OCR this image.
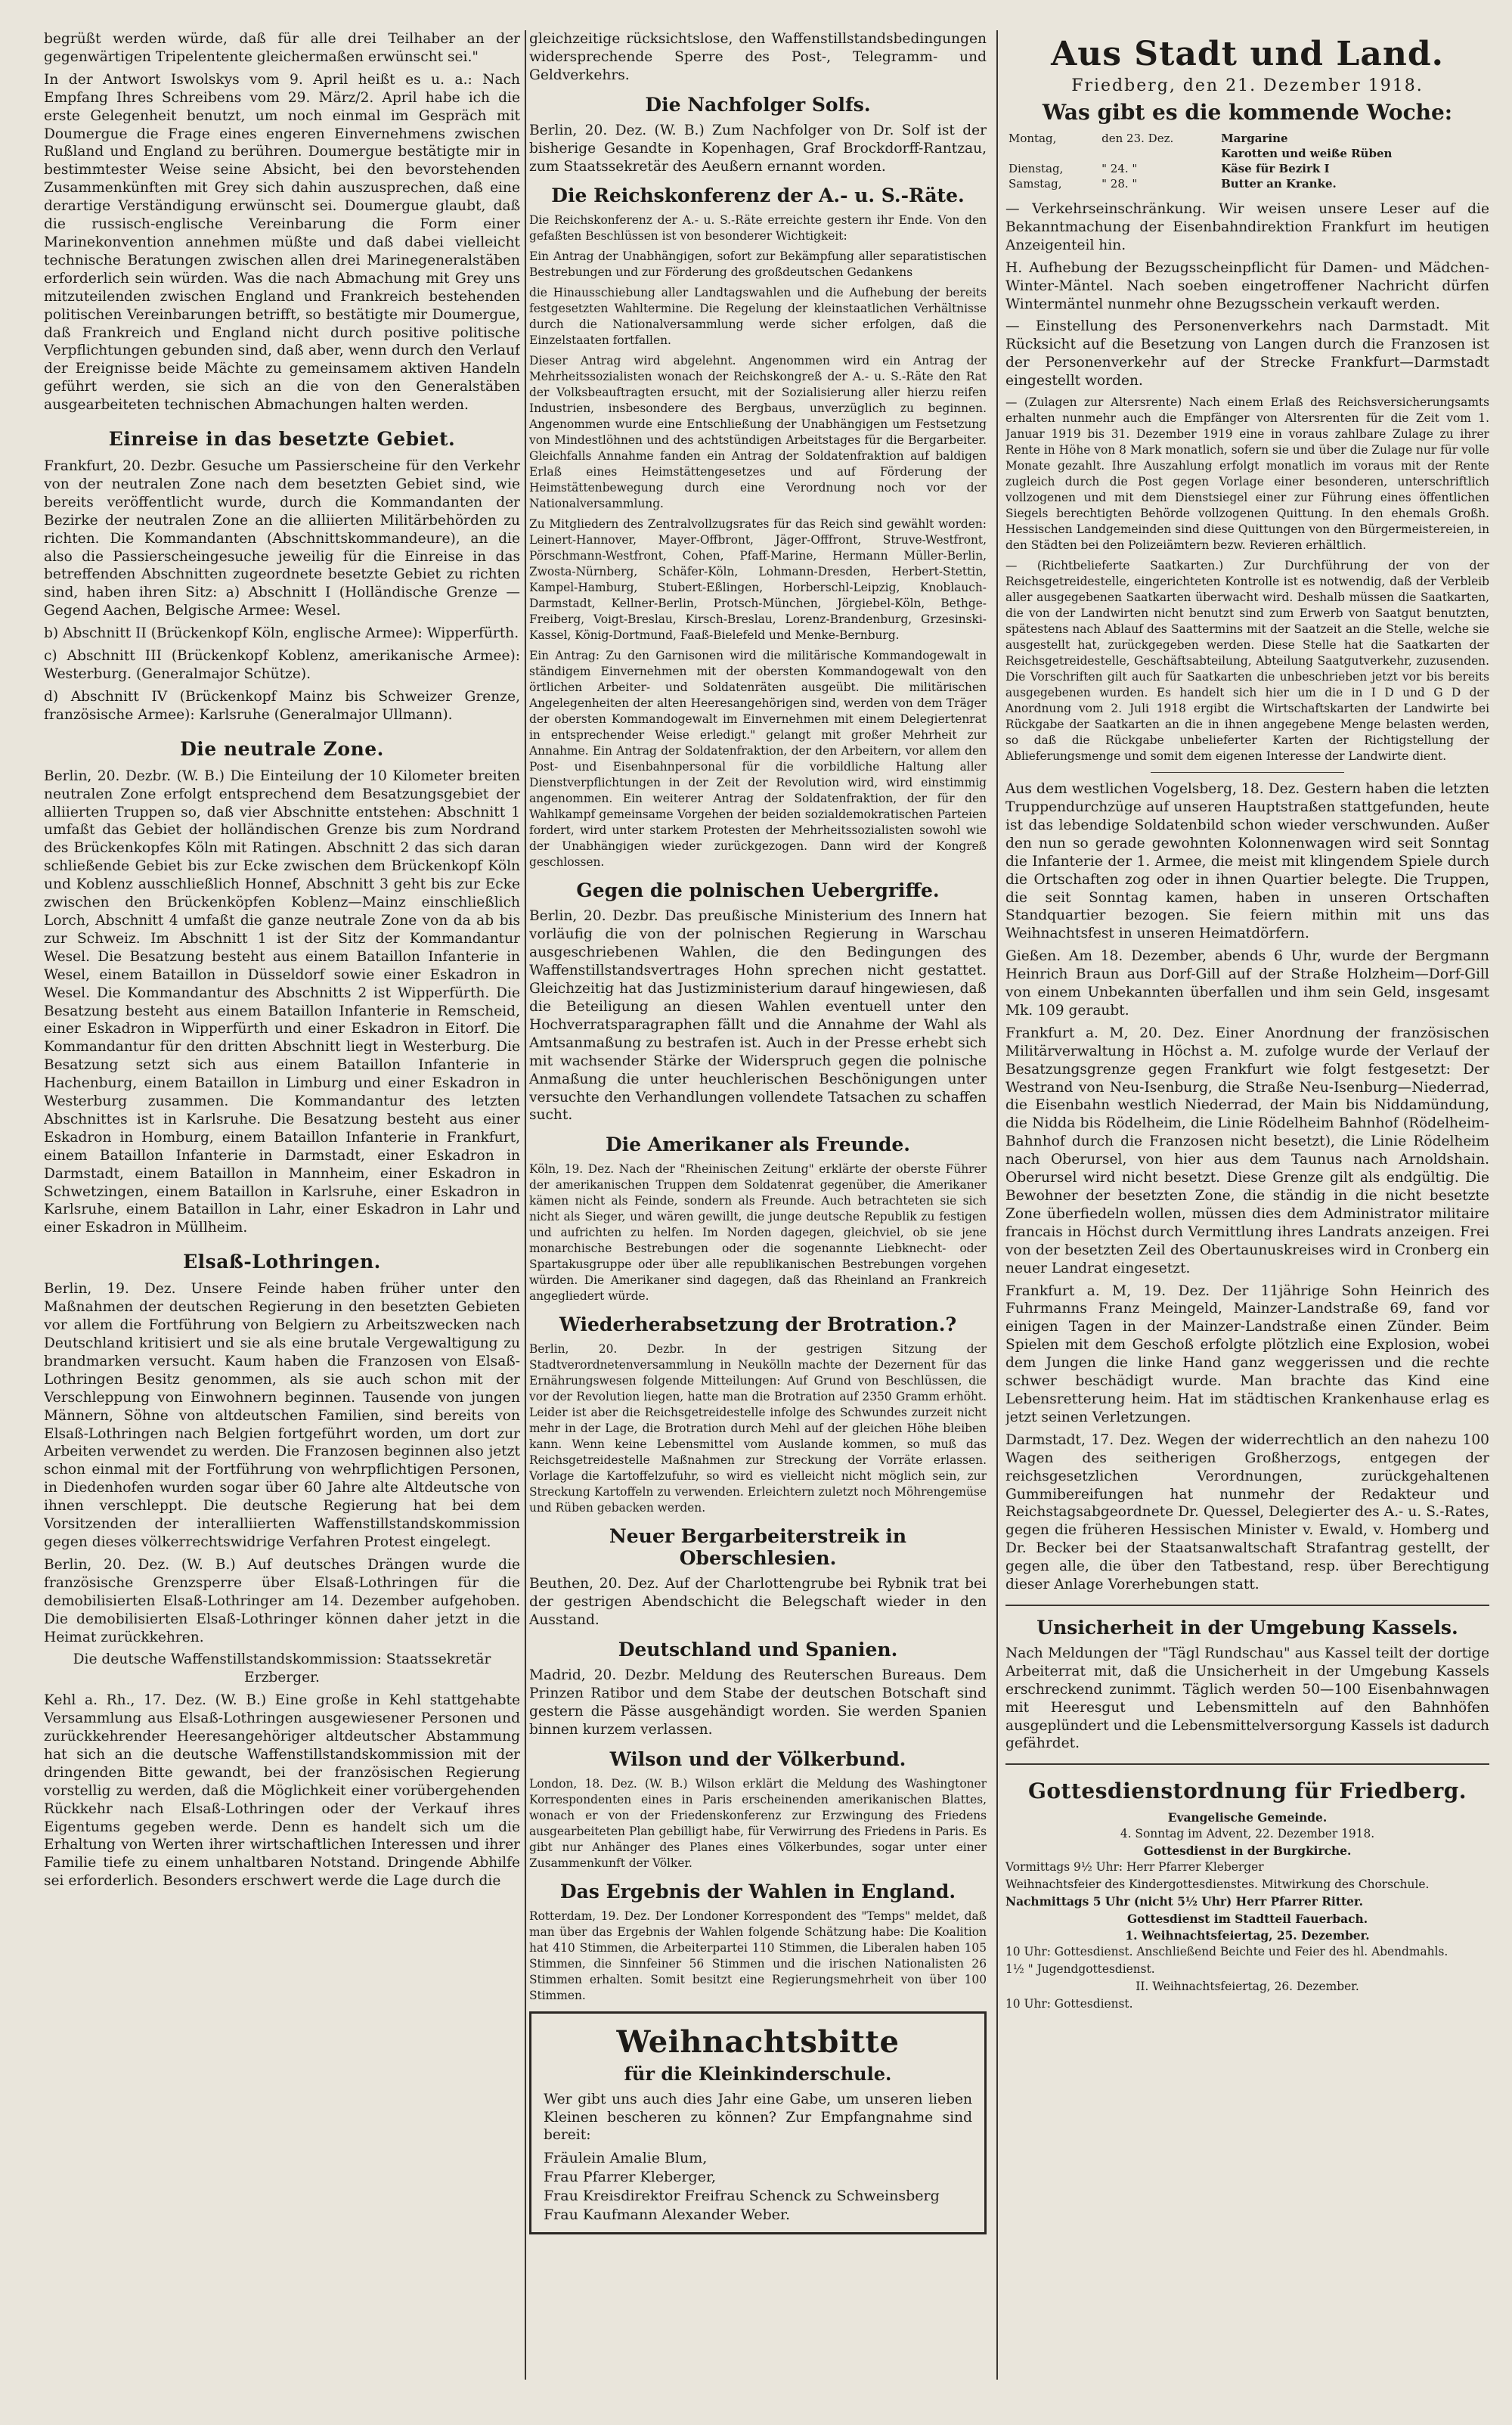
begrüßt werden würde, daß für alle drei Teilhaber an der gegenwärtigen Tripelentente gleichermaßen erwünscht sei."

In der Antwort Iswolskys vom 9. April heißt es u. a.: Nach Empfang Ihres Schreibens vom 29. März/2. April habe ich die erste Gelegenheit benutzt, um noch einmal im Gespräch mit Doumergue die Frage eines engeren Einvernehmens zwischen Rußland und England zu berühren. Doumergue bestätigte mir in bestimmtester Weise seine Absicht, bei den bevorstehenden Zusammenkünften mit Grey sich dahin auszusprechen, daß eine derartige Verständigung erwünscht sei. Doumergue glaubt, daß die russisch-englische Vereinbarung die Form einer Marinekonvention annehmen müßte und daß dabei vielleicht technische Beratungen zwischen allen drei Marinegeneralstäben erforderlich sein würden. Was die nach Abmachung mit Grey uns mitzuteilenden zwischen England und Frankreich bestehenden politischen Vereinbarungen betrifft, so bestätigte mir Doumergue, daß Frankreich und England nicht durch positive politische Verpflichtungen gebunden sind, daß aber, wenn durch den Verlauf der Ereignisse beide Mächte zu gemeinsamem aktiven Handeln geführt werden, sie sich an die von den Generalstäben ausgearbeiteten technischen Abmachungen halten werden.

Einreise in das besetzte Gebiet.

Frankfurt, 20. Dezbr. Gesuche um Passierscheine für den Verkehr von der neutralen Zone nach dem besetzten Gebiet sind, wie bereits veröffentlicht wurde, durch die Kommandanten der Bezirke der neutralen Zone an die alliierten Militärbehörden zu richten. Die Kommandanten (Abschnittskommandeure), an die also die Passierscheingesuche jeweilig für die Einreise in das betreffenden Abschnitten zugeordnete besetzte Gebiet zu richten sind, haben ihren Sitz: a) Abschnitt I (Holländische Grenze — Gegend Aachen, Belgische Armee: Wesel.

b) Abschnitt II (Brückenkopf Köln, englische Armee): Wipperfürth.

c) Abschnitt III (Brückenkopf Koblenz, amerikanische Armee): Westerburg. (Generalmajor Schütze).

d) Abschnitt IV (Brückenkopf Mainz bis Schweizer Grenze, französische Armee): Karlsruhe (Generalmajor Ullmann).

Die neutrale Zone.

Berlin, 20. Dezbr. (W. B.) Die Einteilung der 10 Kilometer breiten neutralen Zone erfolgt entsprechend dem Besatzungsgebiet der alliierten Truppen so, daß vier Abschnitte entstehen: Abschnitt 1 umfaßt das Gebiet der holländischen Grenze bis zum Nordrand des Brückenkopfes Köln mit Ratingen. Abschnitt 2 das sich daran schließende Gebiet bis zur Ecke zwischen dem Brückenkopf Köln und Koblenz ausschließlich Honnef, Abschnitt 3 geht bis zur Ecke zwischen den Brückenköpfen Koblenz—Mainz einschließlich Lorch, Abschnitt 4 umfaßt die ganze neutrale Zone von da ab bis zur Schweiz. Im Abschnitt 1 ist der Sitz der Kommandantur Wesel. Die Besatzung besteht aus einem Bataillon Infanterie in Wesel, einem Bataillon in Düsseldorf sowie einer Eskadron in Wesel. Die Kommandantur des Abschnitts 2 ist Wipperfürth. Die Besatzung besteht aus einem Bataillon Infanterie in Remscheid, einer Eskadron in Wipperfürth und einer Eskadron in Eitorf. Die Kommandantur für den dritten Abschnitt liegt in Westerburg. Die Besatzung setzt sich aus einem Bataillon Infanterie in Hachenburg, einem Bataillon in Limburg und einer Eskadron in Westerburg zusammen. Die Kommandantur des letzten Abschnittes ist in Karlsruhe. Die Besatzung besteht aus einer Eskadron in Homburg, einem Bataillon Infanterie in Frankfurt, einem Bataillon Infanterie in Darmstadt, einer Eskadron in Darmstadt, einem Bataillon in Mannheim, einer Eskadron in Schwetzingen, einem Bataillon in Karlsruhe, einer Eskadron in Karlsruhe, einem Bataillon in Lahr, einer Eskadron in Lahr und einer Eskadron in Müllheim.

Elsaß-Lothringen.

Berlin, 19. Dez. Unsere Feinde haben früher unter den Maßnahmen der deutschen Regierung in den besetzten Gebieten vor allem die Fortführung von Belgiern zu Arbeitszwecken nach Deutschland kritisiert und sie als eine brutale Vergewaltigung zu brandmarken versucht. Kaum haben die Franzosen von Elsaß-Lothringen Besitz genommen, als sie auch schon mit der Verschleppung von Einwohnern beginnen. Tausende von jungen Männern, Söhne von altdeutschen Familien, sind bereits von Elsaß-Lothringen nach Belgien fortgeführt worden, um dort zur Arbeiten verwendet zu werden. Die Franzosen beginnen also jetzt schon einmal mit der Fortführung von wehrpflichtigen Personen, in Diedenhofen wurden sogar über 60 Jahre alte Altdeutsche von ihnen verschleppt. Die deutsche Regierung hat bei dem Vorsitzenden der interalliierten Waffenstillstandskommission gegen dieses völkerrechtswidrige Verfahren Protest eingelegt.

Berlin, 20. Dez. (W. B.) Auf deutsches Drängen wurde die französische Grenzsperre über Elsaß-Lothringen für die demobilisierten Elsaß-Lothringer am 14. Dezember aufgehoben. Die demobilisierten Elsaß-Lothringer können daher jetzt in die Heimat zurückkehren.

Die deutsche Waffenstillstandskommission: Staatssekretär Erzberger.

Kehl a. Rh., 17. Dez. (W. B.) Eine große in Kehl stattgehabte Versammlung aus Elsaß-Lothringen ausgewiesener Personen und zurückkehrender Heeresangehöriger altdeutscher Abstammung hat sich an die deutsche Waffenstillstandskommission mit der dringenden Bitte gewandt, bei der französischen Regierung vorstellig zu werden, daß die Möglichkeit einer vorübergehenden Rückkehr nach Elsaß-Lothringen oder der Verkauf ihres Eigentums gegeben werde. Denn es handelt sich um die Erhaltung von Werten ihrer wirtschaftlichen Interessen und ihrer Familie tiefe zu einem unhaltbaren Notstand. Dringende Abhilfe sei erforderlich. Besonders erschwert werde die Lage durch die

gleichzeitige rücksichtslose, den Waffenstillstandsbedingungen widersprechende Sperre des Post-, Telegramm- und Geldverkehrs.

Die Nachfolger Solfs.

Berlin, 20. Dez. (W. B.) Zum Nachfolger von Dr. Solf ist der bisherige Gesandte in Kopenhagen, Graf Brockdorff-Rantzau, zum Staatssekretär des Aeußern ernannt worden.

Die Reichskonferenz der A.- u. S.-Räte.

Die Reichskonferenz der A.- u. S.-Räte erreichte gestern ihr Ende. Von den gefaßten Beschlüssen ist von besonderer Wichtigkeit:

Ein Antrag der Unabhängigen, sofort zur Bekämpfung aller separatistischen Bestrebungen und zur Förderung des großdeutschen Gedankens

die Hinausschiebung aller Landtagswahlen und die Aufhebung der bereits festgesetzten Wahltermine. Die Regelung der kleinstaatlichen Verhältnisse durch die Nationalversammlung werde sicher erfolgen, daß die Einzelstaaten fortfallen.

Dieser Antrag wird abgelehnt. Angenommen wird ein Antrag der Mehrheitssozialisten wonach der Reichskongreß der A.- u. S.-Räte den Rat der Volksbeauftragten ersucht, mit der Sozialisierung aller hierzu reifen Industrien, insbesondere des Bergbaus, unverzüglich zu beginnen. Angenommen wurde eine Entschließung der Unabhängigen um Festsetzung von Mindestlöhnen und des achtstündigen Arbeitstages für die Bergarbeiter. Gleichfalls Annahme fanden ein Antrag der Soldatenfraktion auf baldigen Erlaß eines Heimstättengesetzes und auf Förderung der Heimstättenbewegung durch eine Verordnung noch vor der Nationalversammlung.

Zu Mitgliedern des Zentralvollzugsrates für das Reich sind gewählt worden: Leinert-Hannover, Mayer-Offbront, Jäger-Offfront, Struve-Westfront, Pörschmann-Westfront, Cohen, Pfaff-Marine, Hermann Müller-Berlin, Zwosta-Nürnberg, Schäfer-Köln, Lohmann-Dresden, Herbert-Stettin, Kampel-Hamburg, Stubert-Eßlingen, Horberschl-Leipzig, Knoblauch-Darmstadt, Kellner-Berlin, Protsch-München, Jörgiebel-Köln, Bethge-Freiberg, Voigt-Breslau, Kirsch-Breslau, Lorenz-Brandenburg, Grzesinski-Kassel, König-Dortmund, Faaß-Bielefeld und Menke-Bernburg.

Ein Antrag: Zu den Garnisonen wird die militärische Kommandogewalt in ständigem Einvernehmen mit der obersten Kommandogewalt von den örtlichen Arbeiter- und Soldatenräten ausgeübt. Die militärischen Angelegenheiten der alten Heeresangehörigen sind, werden von dem Träger der obersten Kommandogewalt im Einvernehmen mit einem Delegiertenrat in entsprechender Weise erledigt." gelangt mit großer Mehrheit zur Annahme. Ein Antrag der Soldatenfraktion, der den Arbeitern, vor allem den Post- und Eisenbahnpersonal für die vorbildliche Haltung aller Dienstverpflichtungen in der Zeit der Revolution wird, wird einstimmig angenommen. Ein weiterer Antrag der Soldatenfraktion, der für den Wahlkampf gemeinsame Vorgehen der beiden sozialdemokratischen Parteien fordert, wird unter starkem Protesten der Mehrheitssozialisten sowohl wie der Unabhängigen wieder zurückgezogen. Dann wird der Kongreß geschlossen.

Gegen die polnischen Uebergriffe.

Berlin, 20. Dezbr. Das preußische Ministerium des Innern hat vorläufig die von der polnischen Regierung in Warschau ausgeschriebenen Wahlen, die den Bedingungen des Waffenstillstandsvertrages Hohn sprechen nicht gestattet. Gleichzeitig hat das Justizministerium darauf hingewiesen, daß die Beteiligung an diesen Wahlen eventuell unter den Hochverratsparagraphen fällt und die Annahme der Wahl als Amtsanmaßung zu bestrafen ist. Auch in der Presse erhebt sich mit wachsender Stärke der Widerspruch gegen die polnische Anmaßung die unter heuchlerischen Beschönigungen unter versuchte den Verhandlungen vollendete Tatsachen zu schaffen sucht.

Die Amerikaner als Freunde.

Köln, 19. Dez. Nach der "Rheinischen Zeitung" erklärte der oberste Führer der amerikanischen Truppen dem Soldatenrat gegenüber, die Amerikaner kämen nicht als Feinde, sondern als Freunde. Auch betrachteten sie sich nicht als Sieger, und wären gewillt, die junge deutsche Republik zu festigen und aufrichten zu helfen. Im Norden dagegen, gleichviel, ob sie jene monarchische Bestrebungen oder die sogenannte Liebknecht- oder Spartakusgruppe oder über alle republikanischen Bestrebungen vorgehen würden. Die Amerikaner sind dagegen, daß das Rheinland an Frankreich angegliedert würde.

Wiederherabsetzung der Brotration.?

Berlin, 20. Dezbr. In der gestrigen Sitzung der Stadtverordnetenversammlung in Neukölln machte der Dezernent für das Ernährungswesen folgende Mitteilungen: Auf Grund von Beschlüssen, die vor der Revolution liegen, hatte man die Brotration auf 2350 Gramm erhöht. Leider ist aber die Reichsgetreidestelle infolge des Schwundes zurzeit nicht mehr in der Lage, die Brotration durch Mehl auf der gleichen Höhe bleiben kann. Wenn keine Lebensmittel vom Auslande kommen, so muß das Reichsgetreidestelle Maßnahmen zur Streckung der Vorräte erlassen. Vorlage die Kartoffelzufuhr, so wird es vielleicht nicht möglich sein, zur Streckung Kartoffeln zu verwenden. Erleichtern zuletzt noch Möhrengemüse und Rüben gebacken werden.

Neuer Bergarbeiterstreik in Oberschlesien.

Beuthen, 20. Dez. Auf der Charlottengrube bei Rybnik trat bei der gestrigen Abendschicht die Belegschaft wieder in den Ausstand.

Deutschland und Spanien.

Madrid, 20. Dezbr. Meldung des Reuterschen Bureaus. Dem Prinzen Ratibor und dem Stabe der deutschen Botschaft sind gestern die Pässe ausgehändigt worden. Sie werden Spanien binnen kurzem verlassen.

Wilson und der Völkerbund.

London, 18. Dez. (W. B.) Wilson erklärt die Meldung des Washingtoner Korrespondenten eines in Paris erscheinenden amerikanischen Blattes, wonach er von der Friedenskonferenz zur Erzwingung des Friedens ausgearbeiteten Plan gebilligt habe, für Verwirrung des Friedens in Paris. Es gibt nur Anhänger des Planes eines Völkerbundes, sogar unter einer Zusammenkunft der Völker.

Das Ergebnis der Wahlen in England.

Rotterdam, 19. Dez. Der Londoner Korrespondent des "Temps" meldet, daß man über das Ergebnis der Wahlen folgende Schätzung habe: Die Koalition hat 410 Stimmen, die Arbeiterpartei 110 Stimmen, die Liberalen haben 105 Stimmen, die Sinnfeiner 56 Stimmen und die irischen Nationalisten 26 Stimmen erhalten. Somit besitzt eine Regierungsmehrheit von über 100 Stimmen.

Weihnachtsbitte
für die Kleinkinderschule.

Wer gibt uns auch dies Jahr eine Gabe, um unseren lieben Kleinen bescheren zu können? Zur Empfangnahme sind bereit:

Fräulein Amalie Blum,

Frau Pfarrer Kleberger,

Frau Kreisdirektor Freifrau Schenck zu Schweinsberg

Frau Kaufmann Alexander Weber.

Aus Stadt und Land.
Friedberg, den 21. Dezember 1918.
Was gibt es die kommende Woche:
Montag,	den 23. Dez.	Margarine
		Karotten und weiße Rüben
Dienstag,	" 24. "	Käse für Bezirk I
Samstag,	" 28. "	Butter an Kranke.

— Verkehrseinschränkung. Wir weisen unsere Leser auf die Bekanntmachung der Eisenbahndirektion Frankfurt im heutigen Anzeigenteil hin.

H. Aufhebung der Bezugsscheinpflicht für Damen- und Mädchen-Winter-Mäntel. Nach soeben eingetroffener Nachricht dürfen Wintermäntel nunmehr ohne Bezugsschein verkauft werden.

— Einstellung des Personenverkehrs nach Darmstadt. Mit Rücksicht auf die Besetzung von Langen durch die Franzosen ist der Personenverkehr auf der Strecke Frankfurt—Darmstadt eingestellt worden.

— (Zulagen zur Altersrente) Nach einem Erlaß des Reichsversicherungsamts erhalten nunmehr auch die Empfänger von Altersrenten für die Zeit vom 1. Januar 1919 bis 31. Dezember 1919 eine in voraus zahlbare Zulage zu ihrer Rente in Höhe von 8 Mark monatlich, sofern sie und über die Zulage nur für volle Monate gezahlt. Ihre Auszahlung erfolgt monatlich im voraus mit der Rente zugleich durch die Post gegen Vorlage einer besonderen, unterschriftlich vollzogenen und mit dem Dienstsiegel einer zur Führung eines öffentlichen Siegels berechtigten Behörde vollzogenen Quittung. In den ehemals Großh. Hessischen Landgemeinden sind diese Quittungen von den Bürgermeistereien, in den Städten bei den Polizeiämtern bezw. Revieren erhältlich.

— (Richtbelieferte Saatkarten.) Zur Durchführung der von der Reichsgetreidestelle, eingerichteten Kontrolle ist es notwendig, daß der Verbleib aller ausgegebenen Saatkarten überwacht wird. Deshalb müssen die Saatkarten, die von der Landwirten nicht benutzt sind zum Erwerb von Saatgut benutzten, spätestens nach Ablauf des Saattermins mit der Saatzeit an die Stelle, welche sie ausgestellt hat, zurückgegeben werden. Diese Stelle hat die Saatkarten der Reichsgetreidestelle, Geschäftsabteilung, Abteilung Saatgutverkehr, zuzusenden. Die Vorschriften gilt auch für Saatkarten die unbeschrieben jetzt vor bis bereits ausgegebenen wurden. Es handelt sich hier um die in I D und G D der Anordnung vom 2. Juli 1918 ergibt die Wirtschaftskarten der Landwirte bei Rückgabe der Saatkarten an die in ihnen angegebene Menge belasten werden, so daß die Rückgabe unbelieferter Karten der Richtigstellung der Ablieferungsmenge und somit dem eigenen Interesse der Landwirte dient.

Aus dem westlichen Vogelsberg, 18. Dez. Gestern haben die letzten Truppendurchzüge auf unseren Hauptstraßen stattgefunden, heute ist das lebendige Soldatenbild schon wieder verschwunden. Außer den nun so gerade gewohnten Kolonnenwagen wird seit Sonntag die Infanterie der 1. Armee, die meist mit klingendem Spiele durch die Ortschaften zog oder in ihnen Quartier belegte. Die Truppen, die seit Sonntag kamen, haben in unseren Ortschaften Standquartier bezogen. Sie feiern mithin mit uns das Weihnachtsfest in unseren Heimatdörfern.

Gießen. Am 18. Dezember, abends 6 Uhr, wurde der Bergmann Heinrich Braun aus Dorf-Gill auf der Straße Holzheim—Dorf-Gill von einem Unbekannten überfallen und ihm sein Geld, insgesamt Mk. 109 geraubt.

Frankfurt a. M, 20. Dez. Einer Anordnung der französischen Militärverwaltung in Höchst a. M. zufolge wurde der Verlauf der Besatzungsgrenze gegen Frankfurt wie folgt festgesetzt: Der Westrand von Neu-Isenburg, die Straße Neu-Isenburg—Niederrad, die Eisenbahn westlich Niederrad, der Main bis Niddamündung, die Nidda bis Rödelheim, die Linie Rödelheim Bahnhof (Rödelheim-Bahnhof durch die Franzosen nicht besetzt), die Linie Rödelheim nach Oberursel, von hier aus dem Taunus nach Arnoldshain. Oberursel wird nicht besetzt. Diese Grenze gilt als endgültig. Die Bewohner der besetzten Zone, die ständig in die nicht besetzte Zone überfiedeln wollen, müssen dies dem Administrator militaire francais in Höchst durch Vermittlung ihres Landrats anzeigen. Frei von der besetzten Zeil des Obertaunuskreises wird in Cronberg ein neuer Landrat eingesetzt.

Frankfurt a. M, 19. Dez. Der 11jährige Sohn Heinrich des Fuhrmanns Franz Meingeld, Mainzer-Landstraße 69, fand vor einigen Tagen in der Mainzer-Landstraße einen Zünder. Beim Spielen mit dem Geschoß erfolgte plötzlich eine Explosion, wobei dem Jungen die linke Hand ganz weggerissen und die rechte schwer beschädigt wurde. Man brachte das Kind eine Lebensretterung heim. Hat im städtischen Krankenhause erlag es jetzt seinen Verletzungen.

Darmstadt, 17. Dez. Wegen der widerrechtlich an den nahezu 100 Wagen des seitherigen Großherzogs, entgegen der reichsgesetzlichen Verordnungen, zurückgehaltenen Gummibereifungen hat nunmehr der Redakteur und Reichstagsabgeordnete Dr. Quessel, Delegierter des A.- u. S.-Rates, gegen die früheren Hessischen Minister v. Ewald, v. Homberg und Dr. Becker bei der Staatsanwaltschaft Strafantrag gestellt, der gegen alle, die über den Tatbestand, resp. über Berechtigung dieser Anlage Vorerhebungen statt.

Unsicherheit in der Umgebung Kassels.

Nach Meldungen der "Tägl Rundschau" aus Kassel teilt der dortige Arbeiterrat mit, daß die Unsicherheit in der Umgebung Kassels erschreckend zunimmt. Täglich werden 50—100 Eisenbahnwagen mit Heeresgut und Lebensmitteln auf den Bahnhöfen ausgeplündert und die Lebensmittelversorgung Kassels ist dadurch gefährdet.

Gottesdienstordnung für Friedberg.
Evangelische Gemeinde.

4. Sonntag im Advent, 22. Dezember 1918.

Gottesdienst in der Burgkirche.

Vormittags 9½ Uhr: Herr Pfarrer Kleberger

Weihnachtsfeier des Kindergottesdienstes. Mitwirkung des Chorschule.

Nachmittags 5 Uhr (nicht 5½ Uhr) Herr Pfarrer Ritter.

Gottesdienst im Stadtteil Fauerbach.
1. Weihnachtsfeiertag, 25. Dezember.

10 Uhr: Gottesdienst. Anschließend Beichte und Feier des hl. Abendmahls.

1½ " Jugendgottesdienst.

II. Weihnachtsfeiertag, 26. Dezember.

10 Uhr: Gottesdienst.
